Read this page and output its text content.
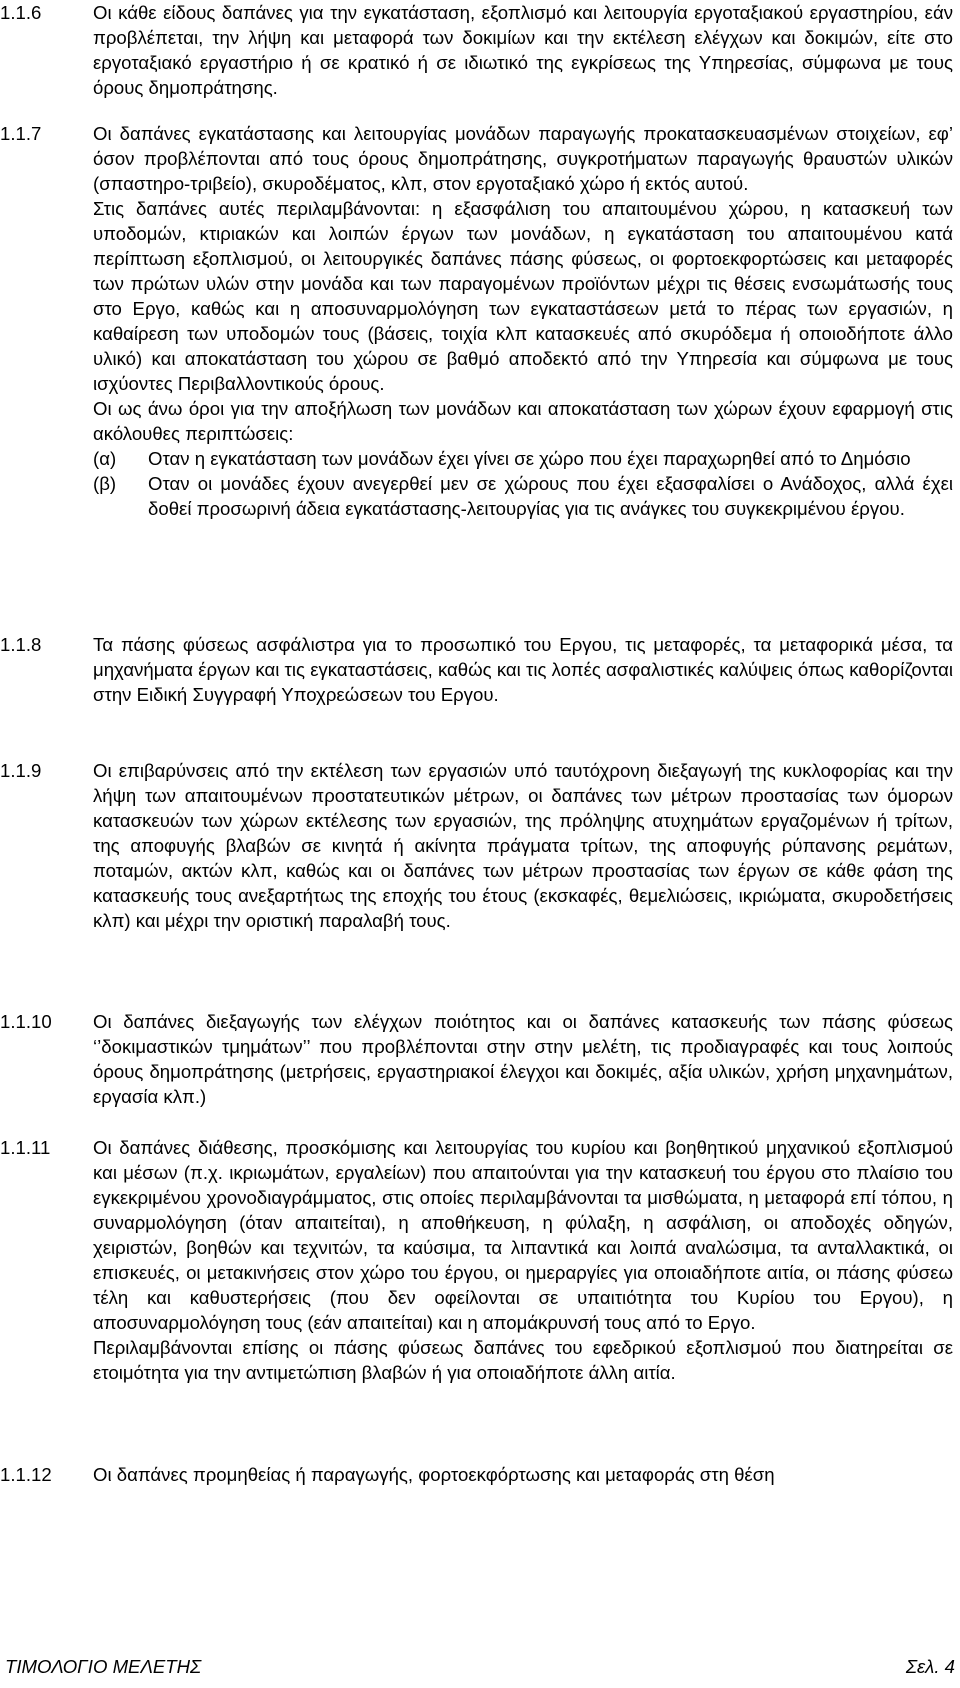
1.1.6	Οι κάθε είδους δαπάνες για την εγκατάσταση, εξοπλισμό και λειτουργία εργοταξιακού εργαστηρίου, εάν προβλέπεται, την λήψη και μεταφορά των δοκιμίων και την εκτέλεση ελέγχων και δοκιμών, είτε στο εργοταξιακό εργαστήριο ή σε κρατικό ή σε ιδιωτικό της εγκρίσεως της Υπηρεσίας, σύμφωνα με τους όρους δημοπράτησης.

1.1.7	Οι δαπάνες εγκατάστασης και λειτουργίας μονάδων παραγωγής προκατασκευασμένων στοιχείων, εφ’ όσον προβλέπονται από τους όρους δημοπράτησης, συγκροτήματων παραγωγής θραυστών υλικών (σπαστηρο-τριβείο), σκυροδέματος, κλπ, στον εργοταξιακό χώρο ή εκτός αυτού.

Στις δαπάνες αυτές περιλαμβάνονται: η εξασφάλιση του απαιτουμένου χώρου, η κατασκευή των υποδομών, κτιριακών και λοιπών έργων των μονάδων, η εγκατάσταση του απαιτουμένου κατά περίπτωση εξοπλισμού, οι λειτουργικές δαπάνες πάσης φύσεως, οι φορτοεκφορτώσεις και μεταφορές των πρώτων υλών στην μονάδα και των παραγομένων προϊόντων μέχρι τις θέσεις ενσωμάτωσής τους στο Εργο, καθώς και η αποσυναρμολόγηση των εγκαταστάσεων μετά το πέρας των εργασιών, η καθαίρεση των υποδομών τους (βάσεις, τοιχία κλπ κατασκευές από σκυρόδεμα ή οποιοδήποτε άλλο υλικό) και αποκατάσταση του χώρου σε βαθμό αποδεκτό από την Υπηρεσία και σύμφωνα με τους ισχύοντες Περιβαλλοντικούς όρους.

Οι ως άνω όροι για την αποξήλωση των μονάδων και αποκατάσταση των χώρων έχουν εφαρμογή στις ακόλουθες περιπτώσεις:

(α) Οταν η εγκατάσταση των μονάδων έχει γίνει σε χώρο που έχει παραχωρηθεί από το Δημόσιο

(β) Οταν οι μονάδες έχουν ανεγερθεί μεν σε χώρους που έχει εξασφαλίσει ο Ανάδοχος, αλλά έχει δοθεί προσωρινή άδεια εγκατάστασης-λειτουργίας για τις ανάγκες του συγκεκριμένου έργου.

1.1.8	Τα πάσης φύσεως ασφάλιστρα για το προσωπικό του Εργου, τις μεταφορές, τα μεταφορικά μέσα, τα μηχανήματα έργων και τις εγκαταστάσεις, καθώς και τις λοπές ασφαλιστικές καλύψεις όπως καθορίζονται στην Ειδική Συγγραφή Υποχρεώσεων του Εργου.

1.1.9	Οι επιβαρύνσεις από την εκτέλεση των εργασιών υπό ταυτόχρονη διεξαγωγή της κυκλοφορίας και την λήψη των απαιτουμένων προστατευτικών μέτρων, οι δαπάνες των μέτρων προστασίας των όμορων κατασκευών των χώρων εκτέλεσης των εργασιών, της πρόληψης ατυχημάτων εργαζομένων ή τρίτων, της αποφυγής βλαβών σε κινητά ή ακίνητα πράγματα τρίτων, της αποφυγής ρύπανσης ρεμάτων, ποταμών, ακτών κλπ, καθώς και οι δαπάνες των μέτρων προστασίας των έργων σε κάθε φάση της κατασκευής τους ανεξαρτήτως της εποχής του έτους (εκσκαφές, θεμελιώσεις, ικριώματα, σκυροδετήσεις κλπ) και μέχρι την οριστική παραλαβή τους.

1.1.10	Οι δαπάνες διεξαγωγής των ελέγχων ποιότητος και οι δαπάνες κατασκευής των πάσης φύσεως ‘’δοκιμαστικών τμημάτων’’ που προβλέπονται στην στην μελέτη, τις προδιαγραφές και τους λοιπούς όρους δημοπράτησης (μετρήσεις, εργαστηριακοί έλεγχοι και δοκιμές, αξία υλικών, χρήση μηχανημάτων, εργασία κλπ.)

1.1.11	Οι δαπάνες διάθεσης, προσκόμισης και λειτουργίας του κυρίου και βοηθητικού μηχανικού εξοπλισμού και μέσων (π.χ. ικριωμάτων, εργαλείων) που απαιτούνται για την κατασκευή του έργου στο πλαίσιο του εγκεκριμένου χρονοδιαγράμματος, στις οποίες περιλαμβάνονται τα μισθώματα, η μεταφορά επί τόπου, η συναρμολόγηση (όταν απαιτείται), η αποθήκευση, η φύλαξη, η ασφάλιση, οι αποδοχές οδηγών, χειριστών, βοηθών και τεχνιτών, τα καύσιμα, τα λιπαντικά και λοιπά αναλώσιμα, τα ανταλλακτικά, οι επισκευές, οι μετακινήσεις στον χώρο του έργου, οι ημεραργίες για οποιαδήποτε αιτία, οι πάσης φύσεω τέλη και καθυστερήσεις (που δεν οφείλονται σε υπαιτιότητα του Κυρίου του Εργου), η αποσυναρμολόγηση τους (εάν απαιτείται) και η απομάκρυνσή τους από το Εργο.

Περιλαμβάνονται επίσης οι πάσης φύσεως δαπάνες του εφεδρικού εξοπλισμού που διατηρείται σε ετοιμότητα για την αντιμετώπιση βλαβών ή για οποιαδήποτε άλλη αιτία.

1.1.12	Οι δαπάνες προμηθείας ή παραγωγής, φορτοεκφόρτωσης και μεταφοράς στη θέση

ΤΙΜΟΛΟΓΙΟ ΜΕΛΕΤΗΣ	Σελ. 4
